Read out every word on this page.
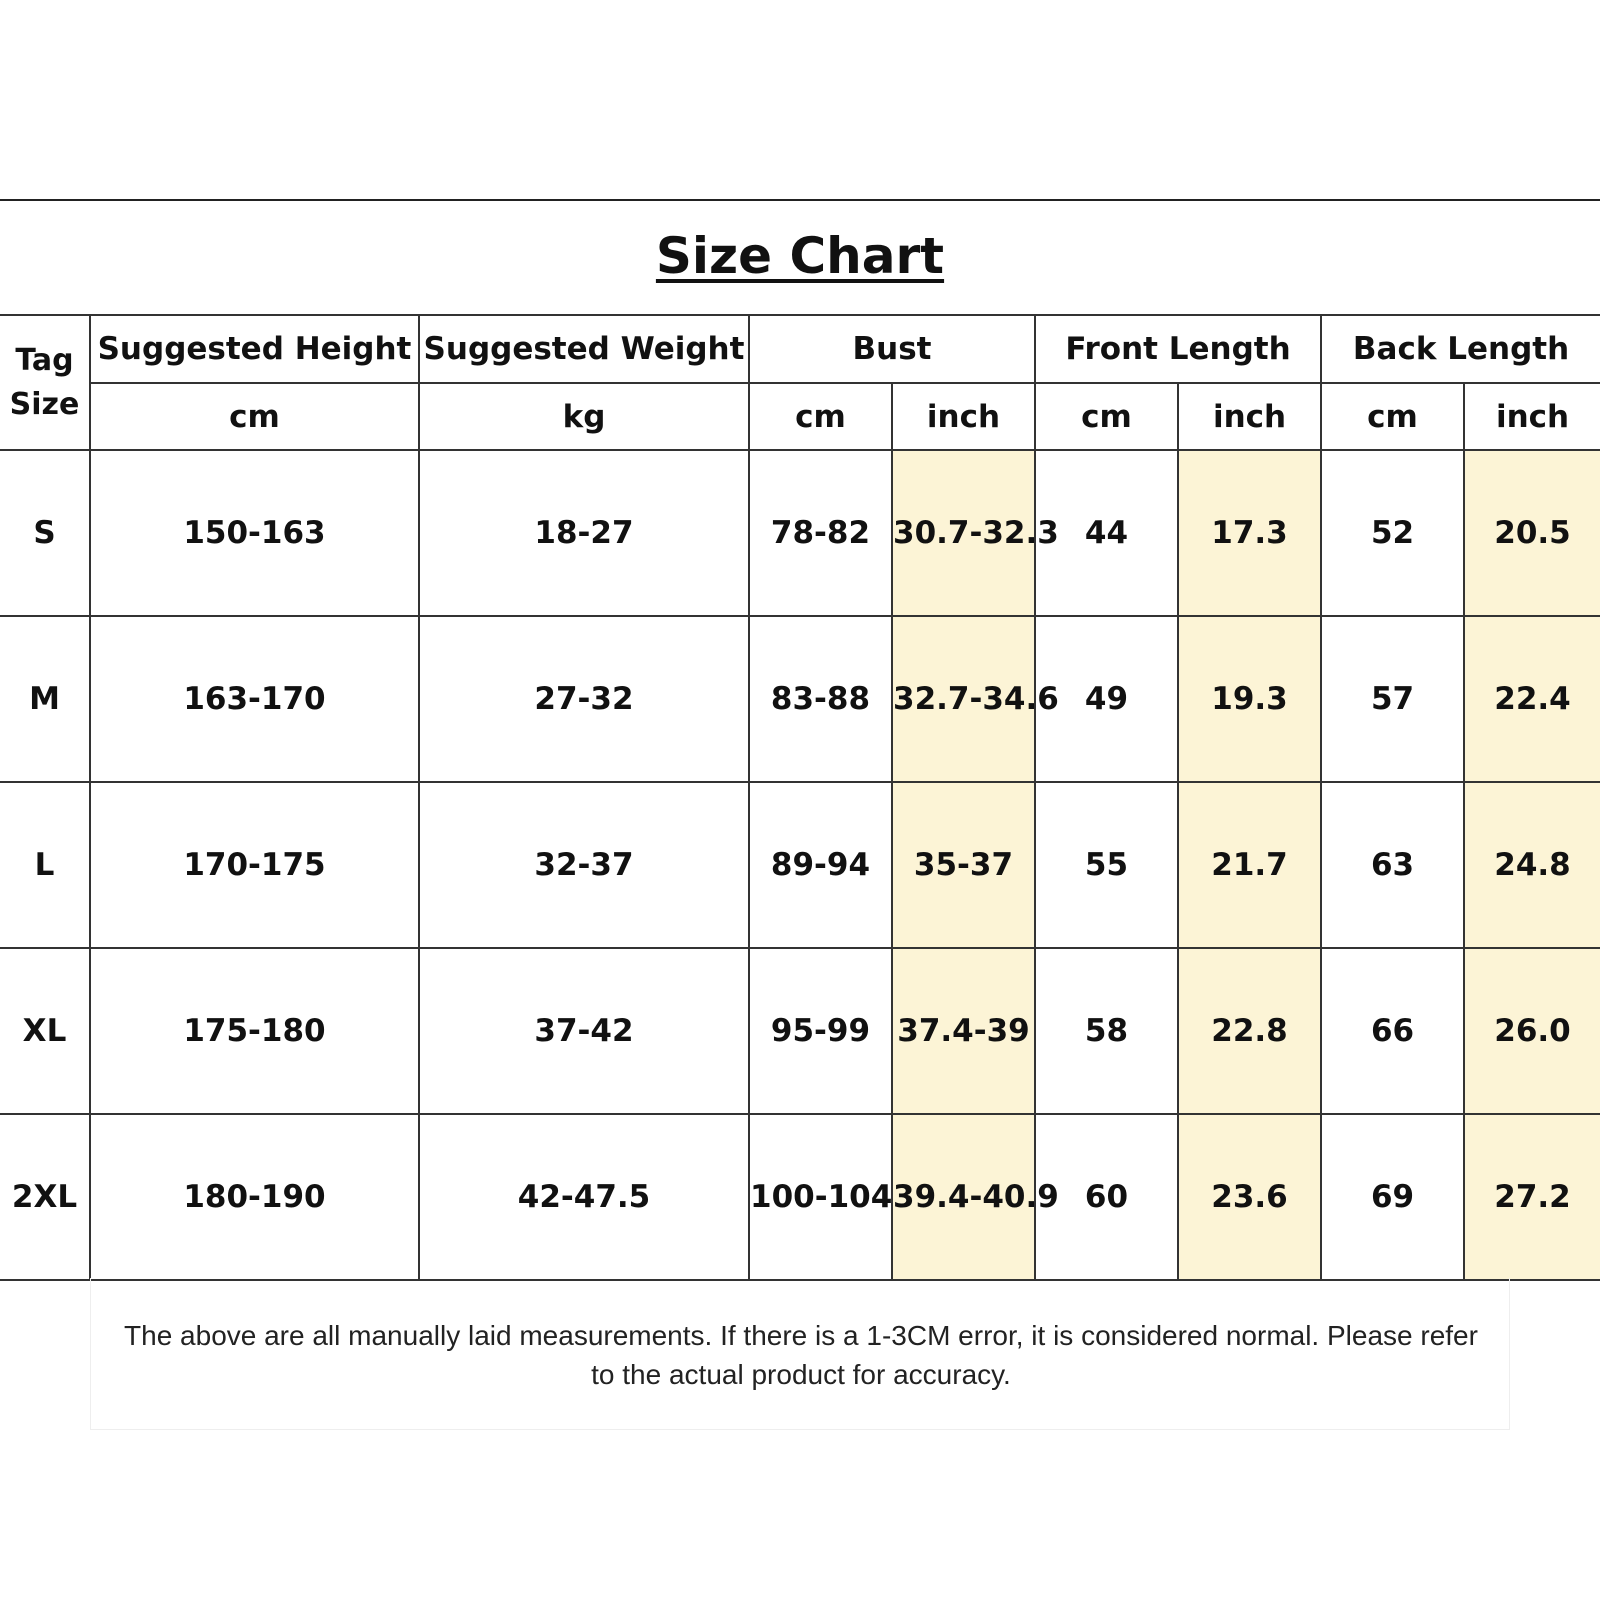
Size Chart
Tag
Size	Suggested Height	Suggested Weight	Bust		Front Length		Back Length	
	cm	kg	cm	inch	cm	inch	cm	inch
S	150-163	18-27	78-82	30.7-32.3	44	17.3	52	20.5
M	163-170	27-32	83-88	32.7-34.6	49	19.3	57	22.4
L	170-175	32-37	89-94	35-37	55	21.7	63	24.8
XL	175-180	37-42	95-99	37.4-39	58	22.8	66	26.0
2XL	180-190	42-47.5	100-104	39.4-40.9	60	23.6	69	27.2
The above are all manually laid measurements. If there is a 1-3CM error, it is considered normal. Please refer
to the actual product for accuracy.
